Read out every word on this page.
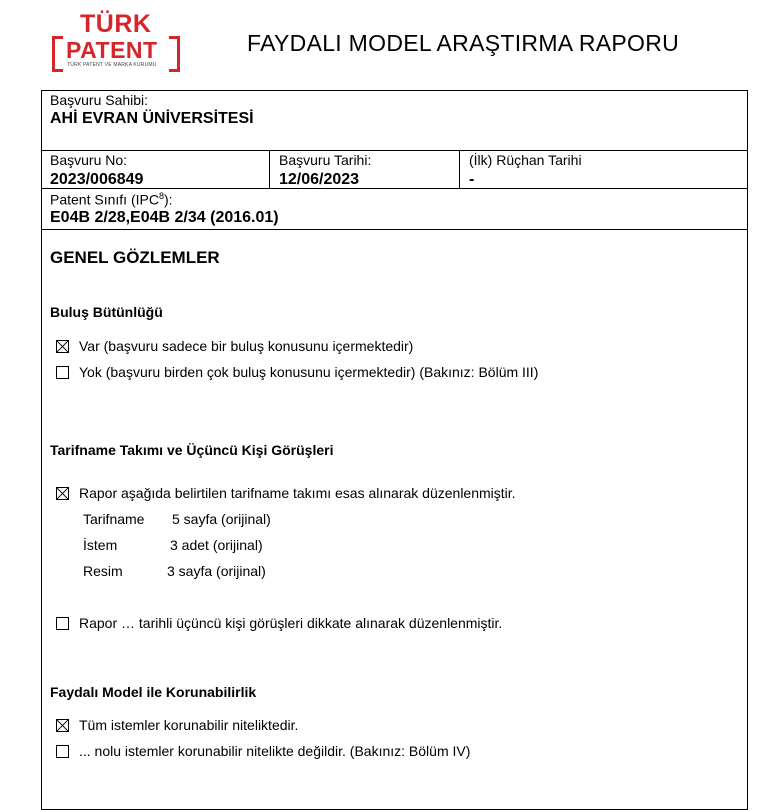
TÜRK
PATENT
TÜRK PATENT VE MARKA KURUMU
FAYDALI MODEL ARAŞTIRMA RAPORU
Başvuru Sahibi:
AHİ EVRAN ÜNİVERSİTESİ
Başvuru No:
2023/006849
Başvuru Tarihi:
12/06/2023
(İlk) Rüçhan Tarihi
-
Patent Sınıfı (IPC$^8$):
E04B 2/28,E04B 2/34 (2016.01)
GENEL GÖZLEMLER
Buluş Bütünlüğü
Var (başvuru sadece bir buluş konusunu içermektedir)
Yok (başvuru birden çok buluş konusunu içermektedir) (Bakınız: Bölüm III)
Tarifname Takımı ve Üçüncü Kişi Görüşleri
Rapor aşağıda belirtilen tarifname takımı esas alınarak düzenlenmiştir.
Tarifname 5 sayfa (orijinal)
İstem	3 adet (orijinal)
Resim	3 sayfa (orijinal)
Rapor … tarihli üçüncü kişi görüşleri dikkate alınarak düzenlenmiştir.
Faydalı Model ile Korunabilirlik
Tüm istemler korunabilir niteliktedir.
... nolu istemler korunabilir nitelikte değildir. (Bakınız: Bölüm IV)
